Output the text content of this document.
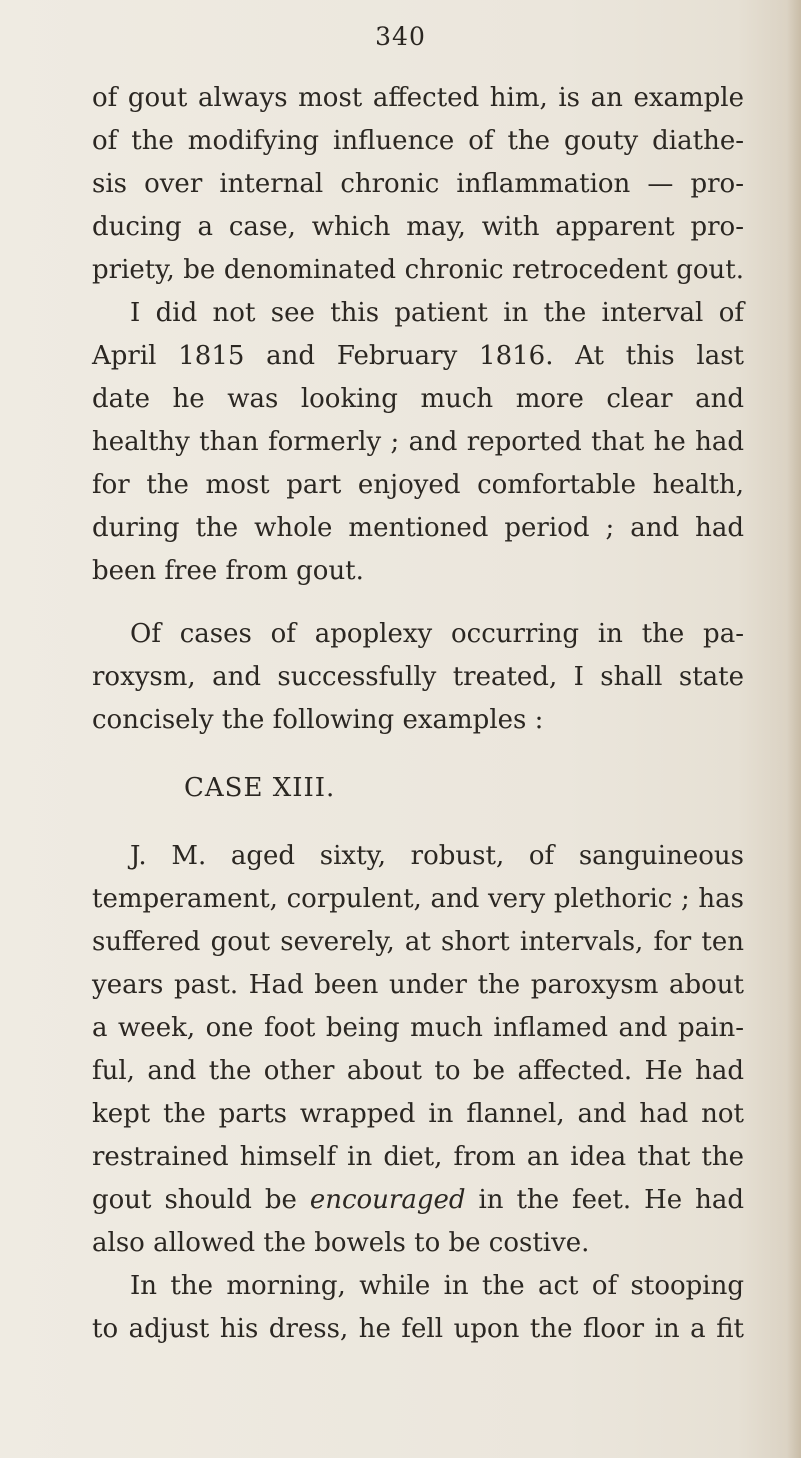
340
of gout always most affected him, is an example
of the modifying influence of the gouty diathe-
sis over internal chronic inflammation — pro-
ducing a case, which may, with apparent pro-
priety, be denominated chronic retrocedent gout.
I did not see this patient in the interval of
April 1815 and February 1816. At this last
date he was looking much more clear and
healthy than formerly ; and reported that he had
for the most part enjoyed comfortable health,
during the whole mentioned period ; and had
been free from gout.
Of cases of apoplexy occurring in the pa-
roxysm, and successfully treated, I shall state
concisely the following examples :
CASE XIII.
J. M. aged sixty, robust, of sanguineous
temperament, corpulent, and very plethoric ; has
suffered gout severely, at short intervals, for ten
years past. Had been under the paroxysm about
a week, one foot being much inflamed and pain-
ful, and the other about to be affected. He had
kept the parts wrapped in flannel, and had not
restrained himself in diet, from an idea that the
gout should be encouraged in the feet. He had
also allowed the bowels to be costive.
In the morning, while in the act of stooping
to adjust his dress, he fell upon the floor in a fit
